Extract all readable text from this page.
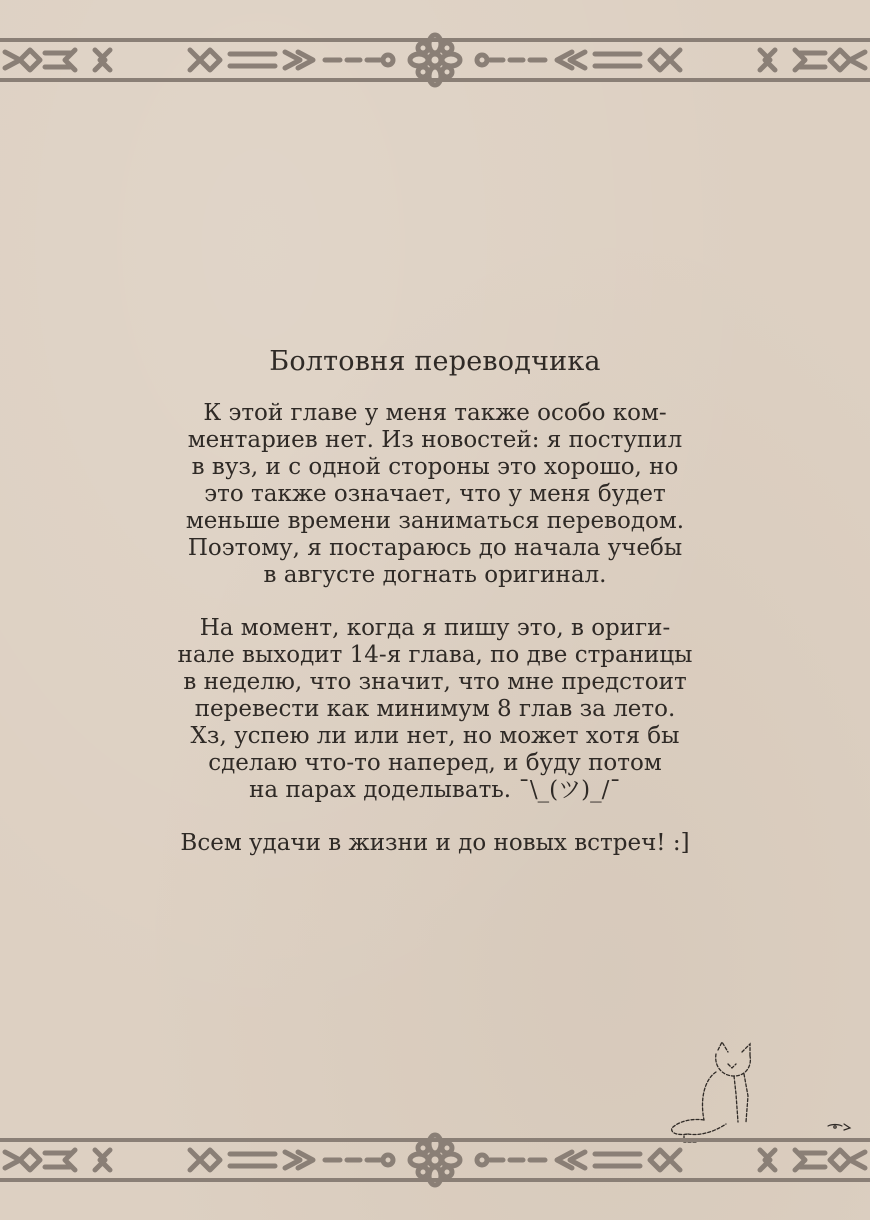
Болтовня переводчика

К этой главе у меня также особо ком-
ментариев нет. Из новостей: я поступил
в вуз, и с одной стороны это хорошо, но
это также означает, что у меня будет
меньше времени заниматься переводом.
Поэтому, я постараюсь до начала учебы
в августе догнать оригинал.

На момент, когда я пишу это, в ориги-
нале выходит 14-я глава, по две страницы
в неделю, что значит, что мне предстоит
перевести как минимум 8 глав за лето.
Хз, успею ли или нет, но может хотя бы
сделаю что-то наперед, и буду потом
на парах доделывать. ¯\_(ツ)_/¯

Всем удачи в жизни и до новых встреч! :]
